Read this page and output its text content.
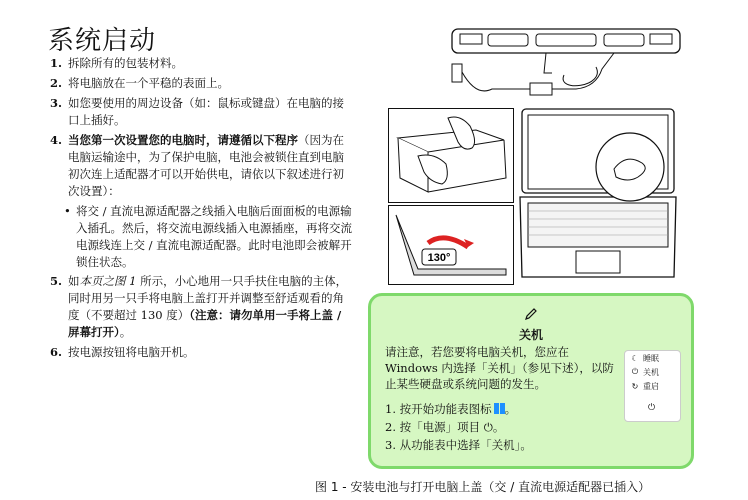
系统启动
1. 拆除所有的包装材料。
2. 将电脑放在一个平稳的表面上。
3. 如您要使用的周边设备（如：鼠标或键盘）在电脑的接口上插好。
4. 当您第一次设置您的电脑时，请遵循以下程序（因为在电脑运输途中，为了保护电脑，电池会被锁住直到电脑初次连上适配器才可以开始供电，请依以下叙述进行初次设置）：
• 将交 / 直流电源适配器之线插入电脑后面面板的电源输入插孔。然后，将交流电源线插入电源插座，再将交流电源线连上交 / 直流电源适配器。此时电池即会被解开锁住状态。
5. 如本页之图 1 所示，小心地用一只手扶住电脑的主体，同时用另一只手将电脑上盖打开并调整至舒适观看的角度（不要超过 130 度）（注意：请勿单用一手将上盖 / 屏幕打开）。
6. 按电源按钮将电脑开机。
130°
关机
请注意，若您要将电脑关机，您应在 Windows 内选择「关机」（参见下述），以防止某些硬盘或系统问题的发生。
1. 按开始功能表图标 。
2. 按「电源」项目 ⏻。
3. 从功能表中选择「关机」。
☾ 睡眠
⏻ 关机
↻ 重启
⏻
图 1 - 安装电池与打开电脑上盖（交 / 直流电源适配器已插入）
